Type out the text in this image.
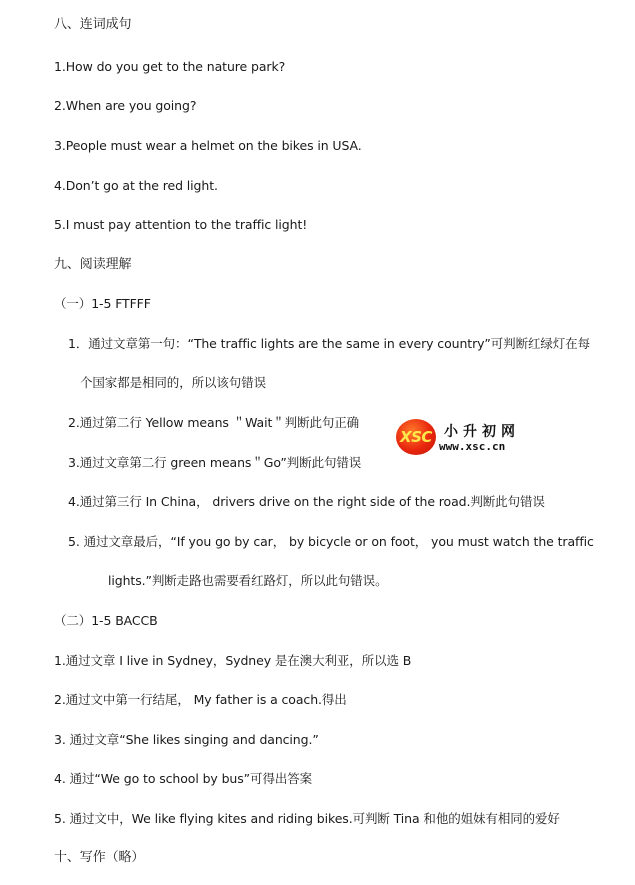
八、连词成句
1.How do you get to the nature park?
2.When are you going?
3.People must wear a helmet on the bikes in USA.
4.Don’t go at the red light.
5.I must pay attention to the traffic light!
九、阅读理解
（一）1-5 FTFFF
1．通过文章第一句：“The traffic lights are the same in every country”可判断红绿灯在每
个国家都是相同的，所以该句错误
2.通过第二行 Yellow means ＂Wait＂判断此句正确
3.通过文章第二行 green means＂Go”判断此句错误
4.通过第三行 In China， drivers drive on the right side of the road.判断此句错误
5. 通过文章最后，“If you go by car， by bicycle or on foot， you must watch the traffic
lights.”判断走路也需要看红路灯，所以此句错误。
（二）1-5 BACCB
1.通过文章 I live in Sydney，Sydney 是在澳大利亚，所以选 B
2.通过文中第一行结尾， My father is a coach.得出
3. 通过文章“She likes singing and dancing.”
4. 通过“We go to school by bus”可得出答案
5. 通过文中，We like flying kites and riding bikes.可判断 Tina 和他的姐妹有相同的爱好
十、写作（略）
XSC 小升初网
www.xsc.cn
